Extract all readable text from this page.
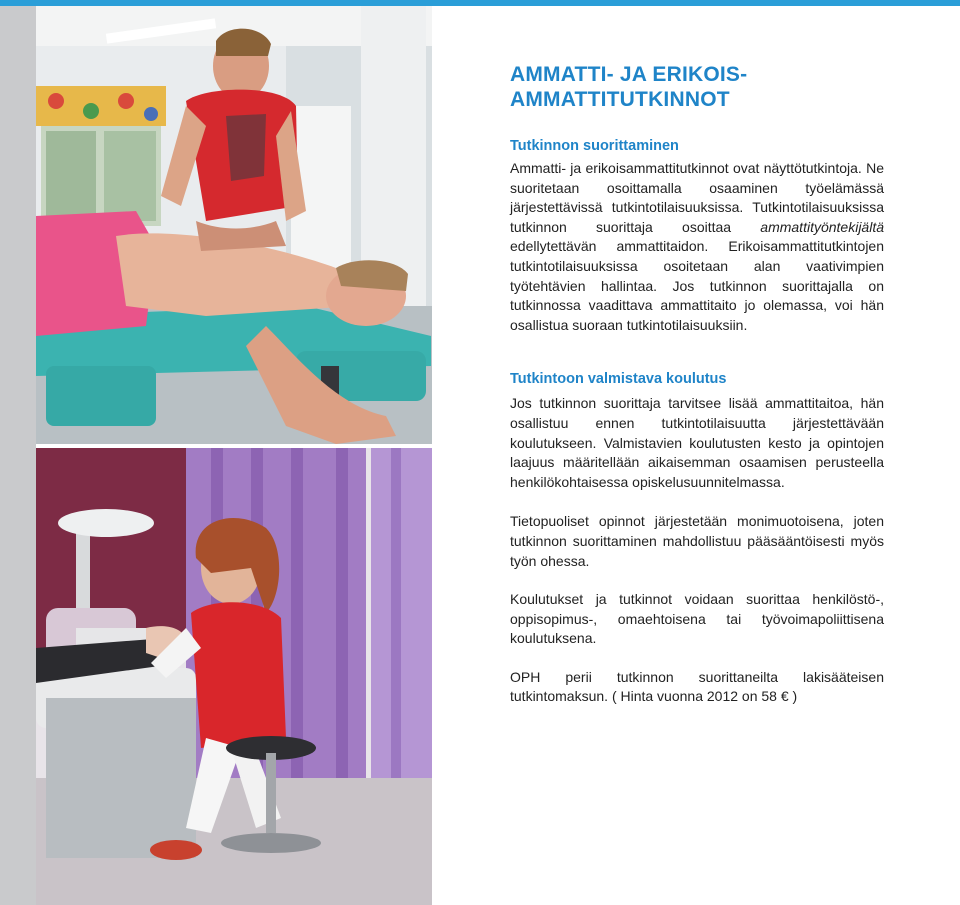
AMMATTI- JA ERIKOIS-
AMMATTITUTKINNOT
Tutkinnon suorittaminen

Ammatti- ja erikoisammattitutkinnot ovat näyttötutkintoja. Ne suoritetaan osoittamalla osaaminen työelämässä järjestettävissä tutkintotilaisuuksissa. Tutkintotilaisuuksissa tutkinnon suorittaja osoittaa ammattityöntekijältä edellytettävän ammattitaidon. Erikoisammattitutkintojen tutkintotilaisuuksissa osoitetaan alan vaativimpien työtehtävien hallintaa. Jos tutkinnon suorittajalla on tutkinnossa vaadittava ammattitaito jo olemassa, voi hän osallistua suoraan tutkintotilaisuuksiin.

Tutkintoon valmistava koulutus

Jos tutkinnon suorittaja tarvitsee lisää ammattitaitoa, hän osallistuu ennen tutkintotilaisuutta järjestettävään koulutukseen. Valmistavien koulutusten kesto ja opintojen laajuus määritellään aikaisemman osaamisen perusteella henkilökohtaisessa opiskelusuunnitelmassa.

Tietopuoliset opinnot järjestetään monimuotoisena, joten tutkinnon suorittaminen mahdollistuu pääsääntöisesti myös työn ohessa.

Koulutukset ja tutkinnot voidaan suorittaa henkilöstö-, oppisopimus-, omaehtoisena tai työvoimapoliittisena koulutuksena.

OPH perii tutkinnon suorittaneilta lakisääteisen tutkintomaksun. ( Hinta vuonna 2012 on 58 € )
